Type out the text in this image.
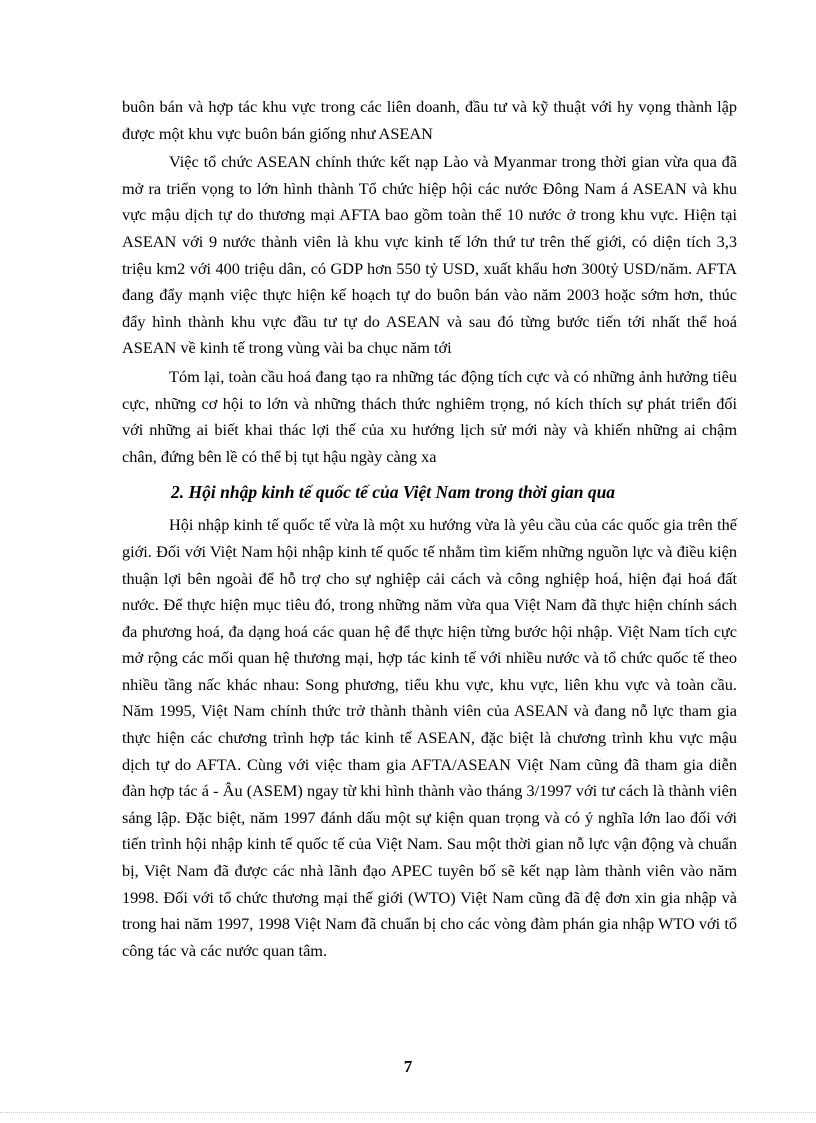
buôn bán và hợp tác khu vực trong các liên doanh, đầu tư và kỹ thuật với hy vọng thành lập được một khu vực buôn bán giống như ASEAN

Việc tổ chức ASEAN chính thức kết nạp Lào và Myanmar trong thời gian vừa qua đã mở ra triển vọng to lớn hình thành Tổ chức hiệp hội các nước Đông Nam á ASEAN và khu vực mậu dịch tự do thương mại AFTA bao gồm toàn thể 10 nước ở trong khu vực. Hiện tại ASEAN với 9 nước thành viên là khu vực kinh tế lớn thứ tư trên thế giới, có diện tích 3,3 triệu km2 với 400 triệu dân, có GDP hơn 550 tỷ USD, xuất khẩu hơn 300tỷ USD/năm. AFTA đang đẩy mạnh việc thực hiện kế hoạch tự do buôn bán vào năm 2003 hoặc sớm hơn, thúc đẩy hình thành khu vực đầu tư tự do ASEAN và sau đó từng bước tiến tới nhất thể hoá ASEAN về kinh tế trong vùng vài ba chục năm tới

Tóm lại, toàn cầu hoá đang tạo ra những tác động tích cực và có những ảnh hưởng tiêu cực, những cơ hội to lớn và những thách thức nghiêm trọng, nó kích thích sự phát triển đối với những ai biết khai thác lợi thế của xu hướng lịch sử mới này và khiến những ai chậm chân, đứng bên lề có thể bị tụt hậu ngày càng xa

2. Hội nhập kinh tế quốc tế của Việt Nam trong thời gian qua

Hội nhập kinh tế quốc tế vừa là một xu hướng vừa là yêu cầu của các quốc gia trên thế giới. Đối với Việt Nam hội nhập kinh tế quốc tế nhằm tìm kiếm những nguồn lực và điều kiện thuận lợi bên ngoài để hỗ trợ cho sự nghiệp cải cách và công nghiệp hoá, hiện đại hoá đất nước. Để thực hiện mục tiêu đó, trong những năm vừa qua Việt Nam đã thực hiện chính sách đa phương hoá, đa dạng hoá các quan hệ để thực hiện từng bước hội nhập. Việt Nam tích cực mở rộng các mối quan hệ thương mại, hợp tác kinh tế với nhiều nước và tổ chức quốc tế theo nhiều tầng nấc khác nhau: Song phương, tiểu khu vực, khu vực, liên khu vực và toàn cầu. Năm 1995, Việt Nam chính thức trở thành thành viên của ASEAN và đang nỗ lực tham gia thực hiện các chương trình hợp tác kinh tế ASEAN, đặc biệt là chương trình khu vực mậu dịch tự do AFTA. Cùng với việc tham gia AFTA/ASEAN Việt Nam cũng đã tham gia diễn đàn hợp tác á - Âu (ASEM) ngay từ khi hình thành vào tháng 3/1997 với tư cách là thành viên sáng lập. Đặc biệt, năm 1997 đánh dấu một sự kiện quan trọng và có ý nghĩa lớn lao đối với tiến trình hội nhập kinh tế quốc tế của Việt Nam. Sau một thời gian nỗ lực vận động và chuẩn bị, Việt Nam đã được các nhà lãnh đạo APEC tuyên bố sẽ kết nạp làm thành viên vào năm 1998. Đối với tổ chức thương mại thế giới (WTO) Việt Nam cũng đã đệ đơn xin gia nhập và trong hai năm 1997, 1998 Việt Nam đã chuẩn bị cho các vòng đàm phán gia nhập WTO với tổ công tác và các nước quan tâm.

7
